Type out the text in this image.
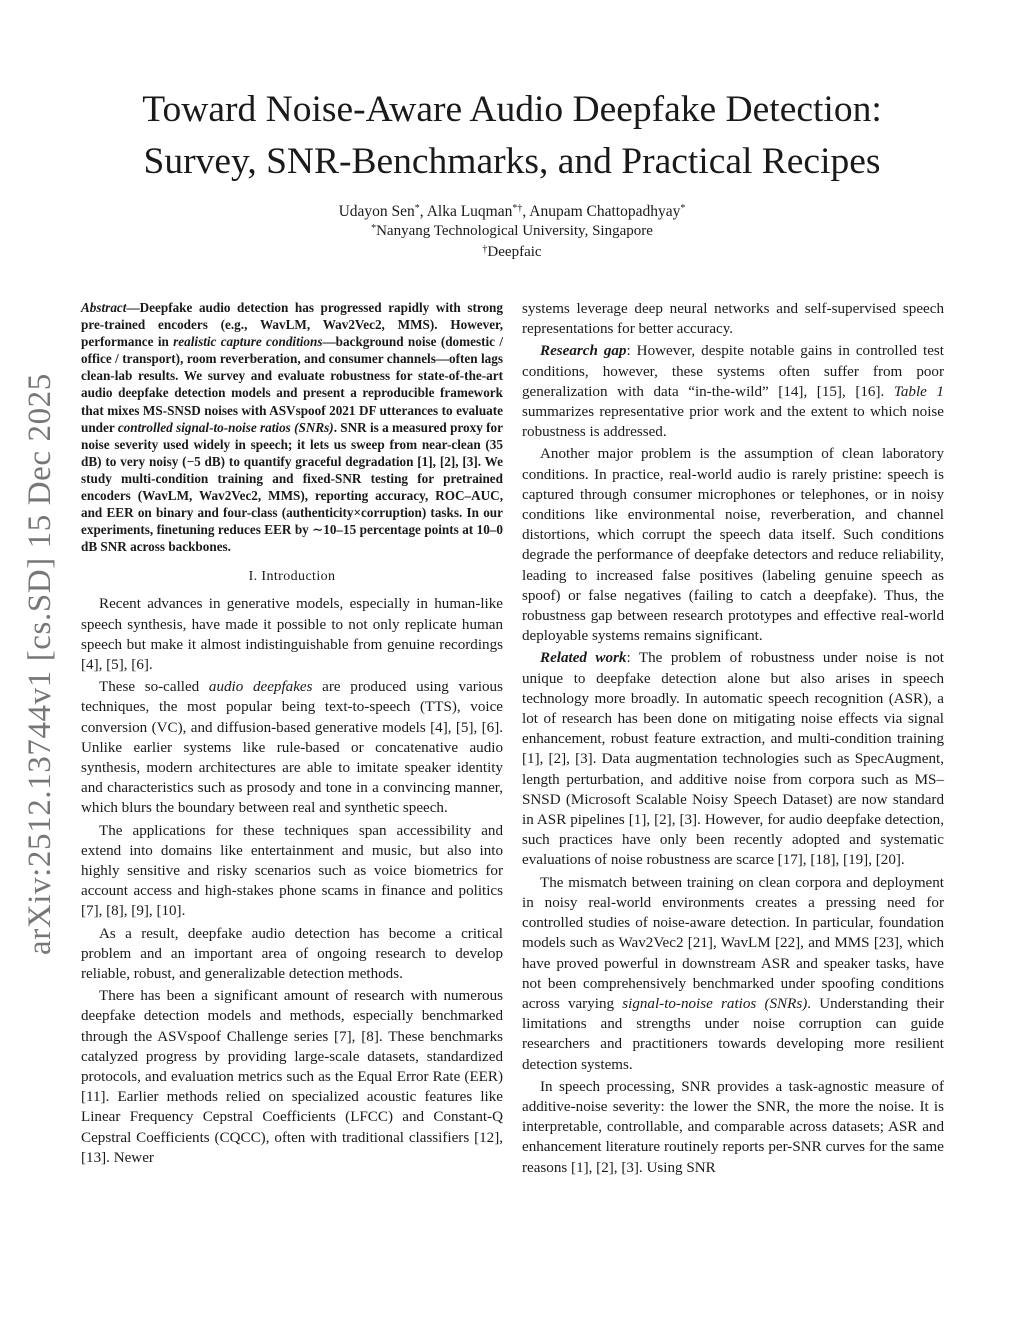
arXiv:2512.13744v1 [cs.SD] 15 Dec 2025
Toward Noise-Aware Audio Deepfake Detection:
Survey, SNR-Benchmarks, and Practical Recipes
Udayon Sen*, Alka Luqman*†, Anupam Chattopadhyay*
*Nanyang Technological University, Singapore
†Deepfaic

Abstract—Deepfake audio detection has progressed rapidly with strong pre-trained encoders (e.g., WavLM, Wav2Vec2, MMS). However, performance in realistic capture conditions—background noise (domestic / office / transport), room reverberation, and consumer channels—often lags clean-lab results. We survey and evaluate robustness for state-of-the-art audio deepfake detection models and present a reproducible framework that mixes MS-SNSD noises with ASVspoof 2021 DF utterances to evaluate under controlled signal-to-noise ratios (SNRs). SNR is a measured proxy for noise severity used widely in speech; it lets us sweep from near-clean (35 dB) to very noisy (−5 dB) to quantify graceful degradation [1], [2], [3]. We study multi-condition training and fixed-SNR testing for pretrained encoders (WavLM, Wav2Vec2, MMS), reporting accuracy, ROC–AUC, and EER on binary and four-class (authenticity×corruption) tasks. In our experiments, finetuning reduces EER by ∼10–15 percentage points at 10–0 dB SNR across backbones.

I. Introduction

Recent advances in generative models, especially in human-like speech synthesis, have made it possible to not only replicate human speech but make it almost indistinguishable from genuine recordings [4], [5], [6].

These so-called audio deepfakes are produced using various techniques, the most popular being text-to-speech (TTS), voice conversion (VC), and diffusion-based generative models [4], [5], [6]. Unlike earlier systems like rule-based or concatenative audio synthesis, modern architectures are able to imitate speaker identity and characteristics such as prosody and tone in a convincing manner, which blurs the boundary between real and synthetic speech.

The applications for these techniques span accessibility and extend into domains like entertainment and music, but also into highly sensitive and risky scenarios such as voice biometrics for account access and high-stakes phone scams in finance and politics [7], [8], [9], [10].

As a result, deepfake audio detection has become a critical problem and an important area of ongoing research to develop reliable, robust, and generalizable detection methods.

There has been a significant amount of research with numerous deepfake detection models and methods, especially benchmarked through the ASVspoof Challenge series [7], [8]. These benchmarks catalyzed progress by providing large-scale datasets, standardized protocols, and evaluation metrics such as the Equal Error Rate (EER) [11]. Earlier methods relied on specialized acoustic features like Linear Frequency Cepstral Coefficients (LFCC) and Constant-Q Cepstral Coefficients (CQCC), often with traditional classifiers [12], [13]. Newer

systems leverage deep neural networks and self-supervised speech representations for better accuracy.

Research gap: However, despite notable gains in controlled test conditions, however, these systems often suffer from poor generalization with data “in-the-wild” [14], [15], [16]. Table 1 summarizes representative prior work and the extent to which noise robustness is addressed.

Another major problem is the assumption of clean laboratory conditions. In practice, real-world audio is rarely pristine: speech is captured through consumer microphones or telephones, or in noisy conditions like environmental noise, reverberation, and channel distortions, which corrupt the speech data itself. Such conditions degrade the performance of deepfake detectors and reduce reliability, leading to increased false positives (labeling genuine speech as spoof) or false negatives (failing to catch a deepfake). Thus, the robustness gap between research prototypes and effective real-world deployable systems remains significant.

Related work: The problem of robustness under noise is not unique to deepfake detection alone but also arises in speech technology more broadly. In automatic speech recognition (ASR), a lot of research has been done on mitigating noise effects via signal enhancement, robust feature extraction, and multi-condition training [1], [2], [3]. Data augmentation technologies such as SpecAugment, length perturbation, and additive noise from corpora such as MS–SNSD (Microsoft Scalable Noisy Speech Dataset) are now standard in ASR pipelines [1], [2], [3]. However, for audio deepfake detection, such practices have only been recently adopted and systematic evaluations of noise robustness are scarce [17], [18], [19], [20].

The mismatch between training on clean corpora and deployment in noisy real-world environments creates a pressing need for controlled studies of noise-aware detection. In particular, foundation models such as Wav2Vec2 [21], WavLM [22], and MMS [23], which have proved powerful in downstream ASR and speaker tasks, have not been comprehensively benchmarked under spoofing conditions across varying signal-to-noise ratios (SNRs). Understanding their limitations and strengths under noise corruption can guide researchers and practitioners towards developing more resilient detection systems.

In speech processing, SNR provides a task-agnostic measure of additive-noise severity: the lower the SNR, the more the noise. It is interpretable, controllable, and comparable across datasets; ASR and enhancement literature routinely reports per-SNR curves for the same reasons [1], [2], [3]. Using SNR
